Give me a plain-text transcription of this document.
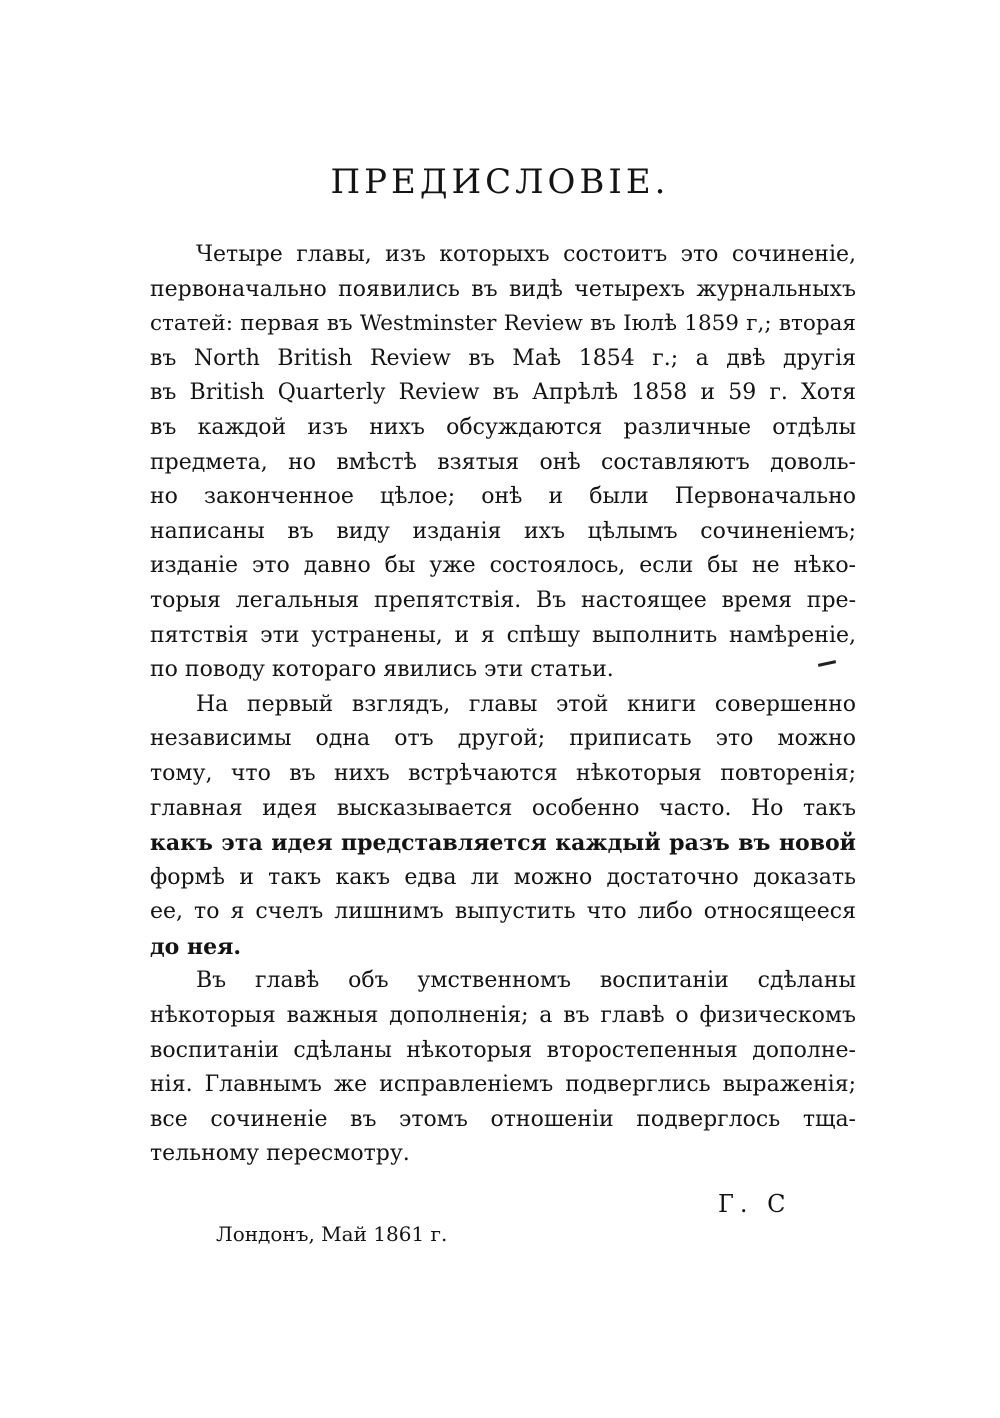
ПРЕДИСЛОВІЕ.
Четыре главы, изъ которыхъ состоитъ это сочиненіе,
первоначально появились въ видѣ четырехъ журнальныхъ
статей: первая въ Westminster Review въ Іюлѣ 1859 г,; вторая
въ North British Review въ Маѣ 1854 г.; а двѣ другія
въ British Quarterly Review въ Апрѣлѣ 1858 и 59 г. Хотя
въ каждой изъ нихъ обсуждаются различные отдѣлы
предмета, но вмѣстѣ взятыя онѣ составляютъ доволь-
но законченное цѣлое; онѣ и были Первоначально
написаны въ виду изданія ихъ цѣлымъ сочиненіемъ;
изданіе это давно бы уже состоялось, если бы не нѣко-
торыя легальныя препятствія. Въ настоящее время пре-
пятствія эти устранены, и я спѣшу выполнить намѣреніе,
по поводу котораго явились эти статьи.
На первый взглядъ, главы этой книги совершенно
независимы одна отъ другой; приписать это можно
тому, что въ нихъ встрѣчаются нѣкоторыя повторенія;
главная идея высказывается особенно часто. Но такъ
какъ эта идея представляется каждый разъ въ новой
формѣ и такъ какъ едва ли можно достаточно доказать
ее, то я счелъ лишнимъ выпустить что либо относящееся
до нея.
Въ главѣ объ умственномъ воспитаніи сдѣланы
нѣкоторыя важныя дополненія; а въ главѣ о физическомъ
воспитаніи сдѣланы нѣкоторыя второстепенныя дополне-
нія. Главнымъ же исправленіемъ подверглись выраженія;
все сочиненіе въ этомъ отношеніи подверглось тща-
тельному пересмотру.
Г. С
Лондонъ, Май 1861 г.
